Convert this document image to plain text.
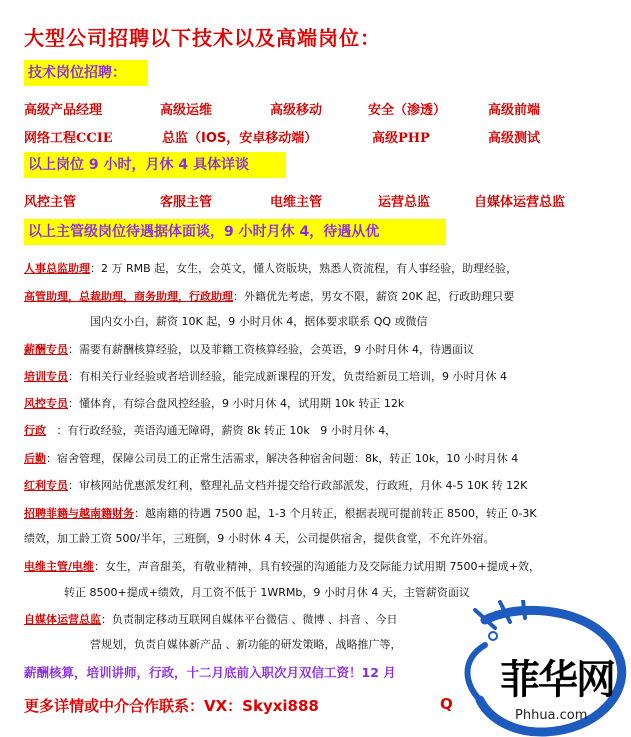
大型公司招聘以下技术以及高端岗位：
技术岗位招聘：
高级产品经理	高级运维	高级移动	安全（渗透）	高级前端
网络工程CCIE	总监（IOS，安卓移动端）	高级PHP	高级测试
以上岗位 9 小时，月休 4 具体详谈
风控主管	客服主管	电维主管	运营总监	自媒体运营总监
以上主管级岗位待遇据体面谈，9 小时月休 4，待遇从优
人事总监助理：2 万 RMB 起，女生，会英文，懂人资版块，熟悉人资流程，有人事经验，助理经验，
高管助理，总裁助理，商务助理，行政助理：外籍优先考虑，男女不限，薪资 20K 起，行政助理只要
国内女小白，薪资 10K 起，9 小时月休 4，据体要求联系 QQ 或微信
薪酬专员：需要有薪酬核算经验，以及菲籍工资核算经验，会英语，9 小时月休 4，待遇面议
培训专员：有相关行业经验或者培训经验，能完成新课程的开发，负责给新员工培训，9 小时月休 4
风控专员：懂体育，有综合盘风控经验，9 小时月休 4，试用期 10k 转正 12k
行政   ：有行政经验，英语沟通无障碍，薪资 8k 转正 10k   9 小时月休 4，
后勤：宿舍管理，保障公司员工的正常生活需求，解决各种宿舍问题：8k，转正 10k，10 小时月休 4
红利专员：审核网站优惠派发红利，整理礼品文档并提交给行政部派发，行政班，月休 4-5 10K 转 12K
招聘菲籍与越南籍财务：越南籍的待遇 7500 起，1-3 个月转正，根据表现可提前转正 8500，转正 0-3K
绩效，加工龄工资 500/半年，三班倒，9 小时休 4 天，公司提供宿舍，提供食堂，不允许外宿。
电维主管/电维：女生，声音甜美，有敬业精神，具有较强的沟通能力及交际能力试用期 7500+提成+效，
转正 8500+提成+绩效，月工资不低于 1WRMb，9 小时月休 4 天，主管薪资面议
自媒体运营总监：负责制定移动互联网自媒体平台微信 、微博 、抖音 、今日
营规划，负责自媒体新产品 、新功能的研发策略，战略推广等，
薪酬核算，培训讲师，行政，十二月底前入职次月双信工资！12 月
更多详情或中介合作联系：VX：Skyxi888	Q
菲华网
Phhua.com
